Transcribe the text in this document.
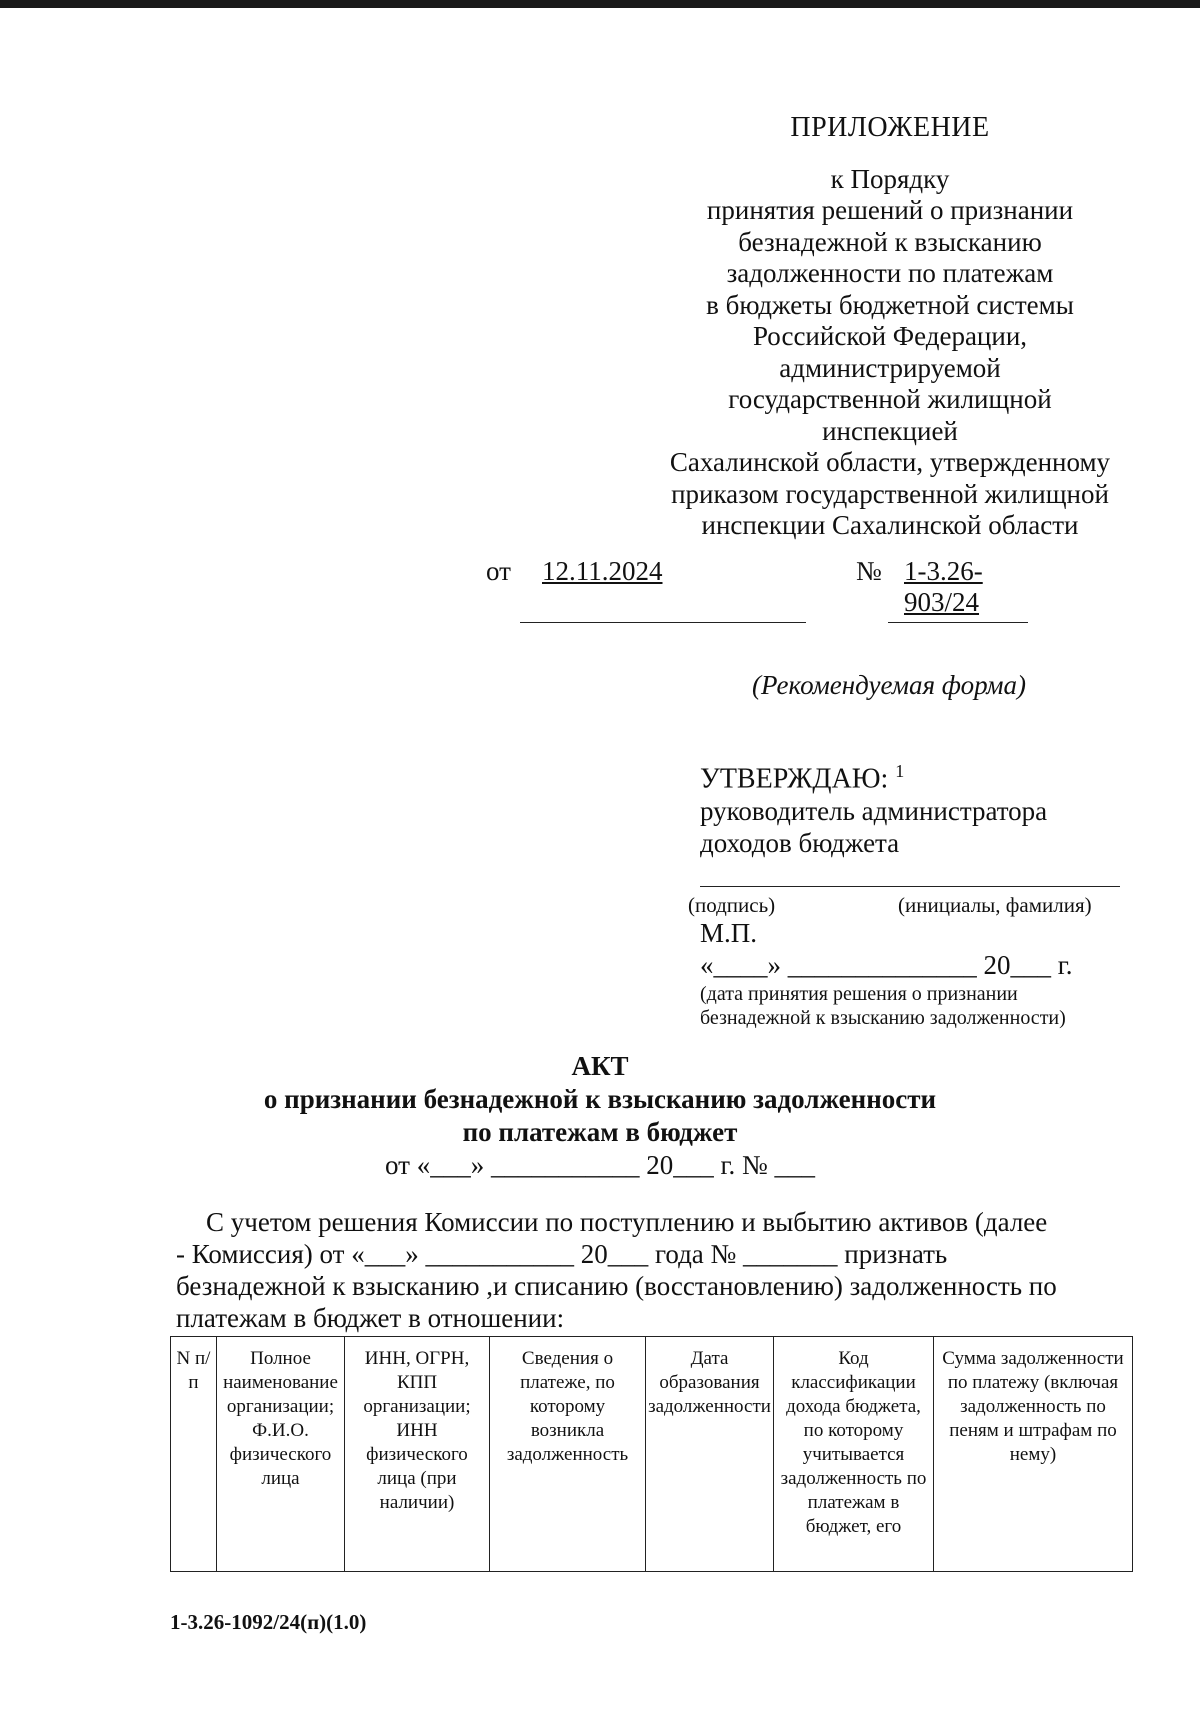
ПРИЛОЖЕНИЕ
к Порядку
принятия решений о признании
безнадежной к взысканию
задолженности по платежам
в бюджеты бюджетной системы
Российской Федерации,
администрируемой
государственной жилищной
инспекцией
Сахалинской области, утвержденному
приказом государственной жилищной
инспекции Сахалинской области
от 12.11.2024	№ 1-3.26-
903/24
(Рекомендуемая форма)
УТВЕРЖДАЮ: $^1$
руководитель администратора
доходов бюджета
(подпись)	(инициалы, фамилия)
М.П.
«____» ______________ 20___ г.
(дата принятия решения о признании
безнадежной к взысканию задолженности)
АКТ
о признании безнадежной к взысканию задолженности
по платежам в бюджет
от «___» ___________ 20___ г. № ___
С учетом решения Комиссии по поступлению и выбытию активов (далее
- Комиссия) от «___» ___________ 20___ года № _______ признать
безнадежной к взысканию ,и списанию (восстановлению) задолженность по
платежам в бюджет в отношении:
N п/п	Полное наименование организации; Ф.И.О. физического лица	ИНН, ОГРН, КПП организации; ИНН физического лица (при наличии)	Сведения о платеже, по которому возникла задолженность	Дата образования задолженности	Код классификации дохода бюджета, по которому учитывается задолженность по платежам в бюджет, его	Сумма задолженности по платежу (включая задолженность по пеням и штрафам по нему)
1-3.26-1092/24(п)(1.0)
